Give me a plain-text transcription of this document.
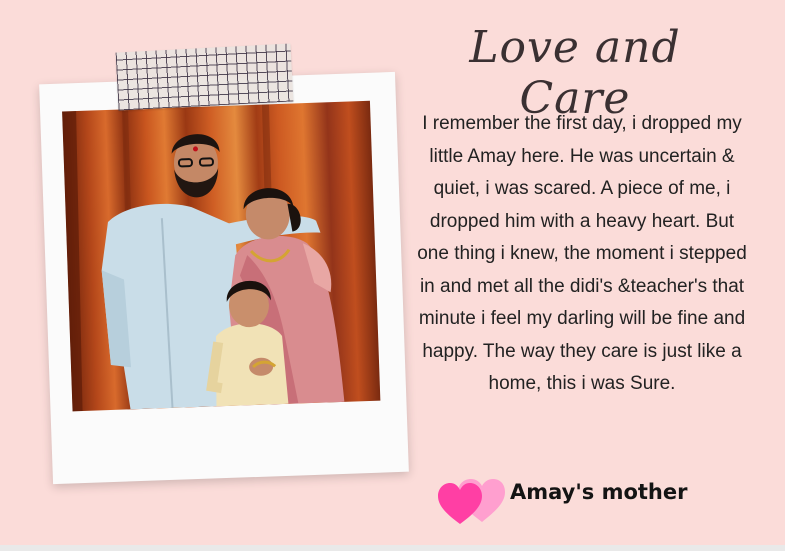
Love and Care

I remember the first day, i dropped my little Amay here. He was uncertain & quiet, i was scared. A piece of me, i dropped him with a heavy heart. But one thing i knew, the moment i stepped in and met all the didi's &teacher's that minute i feel my darling will be fine and happy. The way they care is just like a home, this i was Sure.

Amay's mother
